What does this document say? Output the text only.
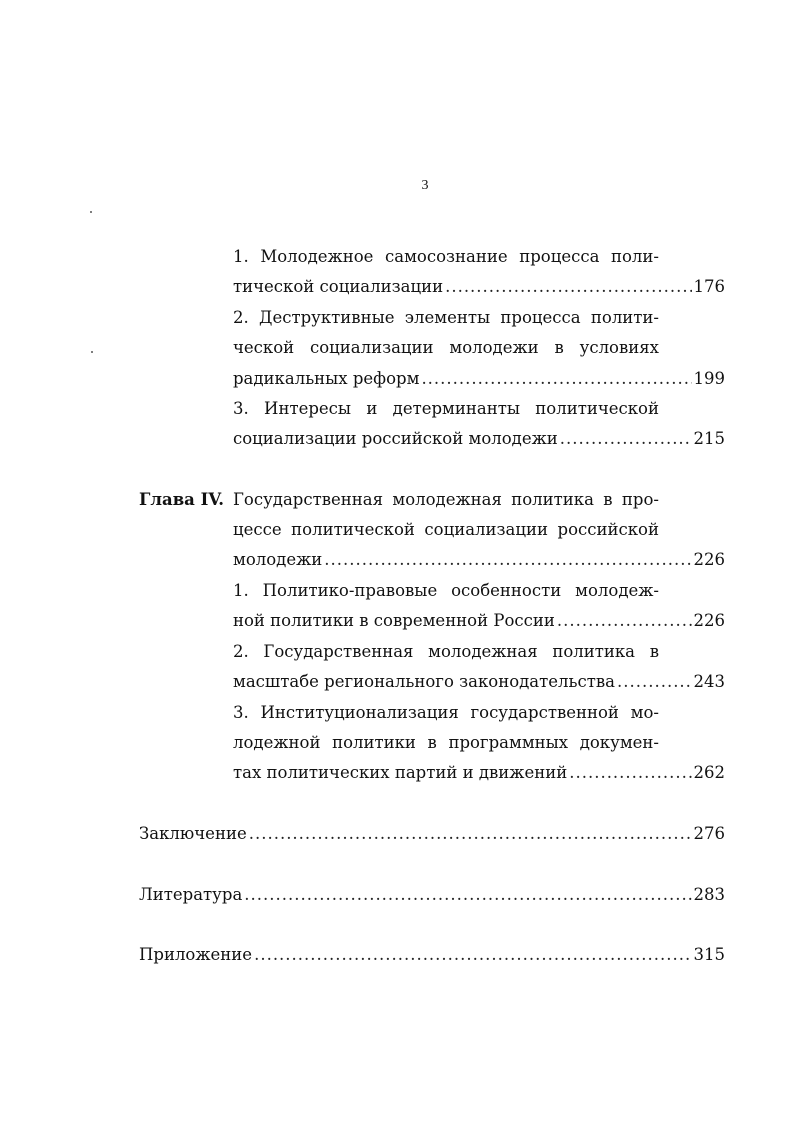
3
1. Молодежное самосознание процесса поли-
тической социализации .....	176
2. Деструктивные элементы процесса полити-
ческой социализации молодежи в условиях
радикальных реформ .....	199
3. Интересы и детерминанты политической
социализации российской молодежи .....	215
Глава IV. Государственная молодежная политика в про-
цессе политической социализации российской
молодежи .....	226
1. Политико-правовые особенности молодеж-
ной политики в современной России .....	226
2. Государственная молодежная политика в
масштабе регионального законодательства .....	243
3. Институционализация государственной мо-
лодежной политики в программных докумен-
тах политических партий и движений .....	262
Заключение .....	276
Литература .....	283
Приложение .....	315
